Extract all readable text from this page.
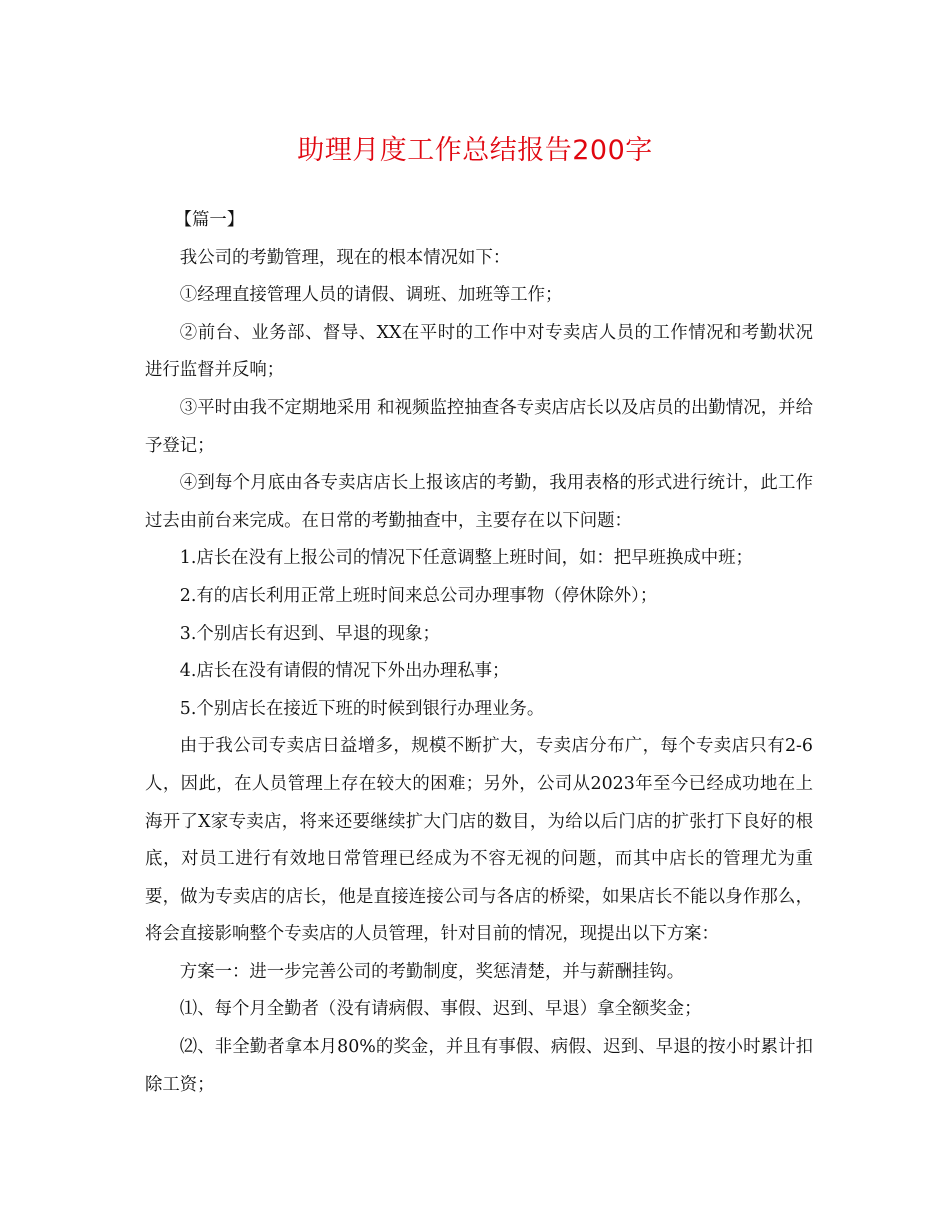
助理月度工作总结报告200字

【篇一】

我公司的考勤管理，现在的根本情况如下：

①经理直接管理人员的请假、调班、加班等工作；

②前台、业务部、督导、XX在平时的工作中对专卖店人员的工作情况和考勤状况进行监督并反响；

③平时由我不定期地采用 和视频监控抽查各专卖店店长以及店员的出勤情况，并给予登记；

④到每个月底由各专卖店店长上报该店的考勤，我用表格的形式进行统计，此工作过去由前台来完成。在日常的考勤抽查中，主要存在以下问题：

1.店长在没有上报公司的情况下任意调整上班时间，如：把早班换成中班；

2.有的店长利用正常上班时间来总公司办理事物（停休除外）；

3.个别店长有迟到、早退的现象；

4.店长在没有请假的情况下外出办理私事；

5.个别店长在接近下班的时候到银行办理业务。

由于我公司专卖店日益增多，规模不断扩大，专卖店分布广，每个专卖店只有2-6人，因此，在人员管理上存在较大的困难；另外，公司从2023年至今已经成功地在上海开了X家专卖店，将来还要继续扩大门店的数目，为给以后门店的扩张打下良好的根底，对员工进行有效地日常管理已经成为不容无视的问题，而其中店长的管理尤为重要，做为专卖店的店长，他是直接连接公司与各店的桥梁，如果店长不能以身作那么，将会直接影响整个专卖店的人员管理，针对目前的情况，现提出以下方案：

方案一：进一步完善公司的考勤制度，奖惩清楚，并与薪酬挂钩。

⑴、每个月全勤者（没有请病假、事假、迟到、早退）拿全额奖金；

⑵、非全勤者拿本月80%的奖金，并且有事假、病假、迟到、早退的按小时累计扣除工资；
